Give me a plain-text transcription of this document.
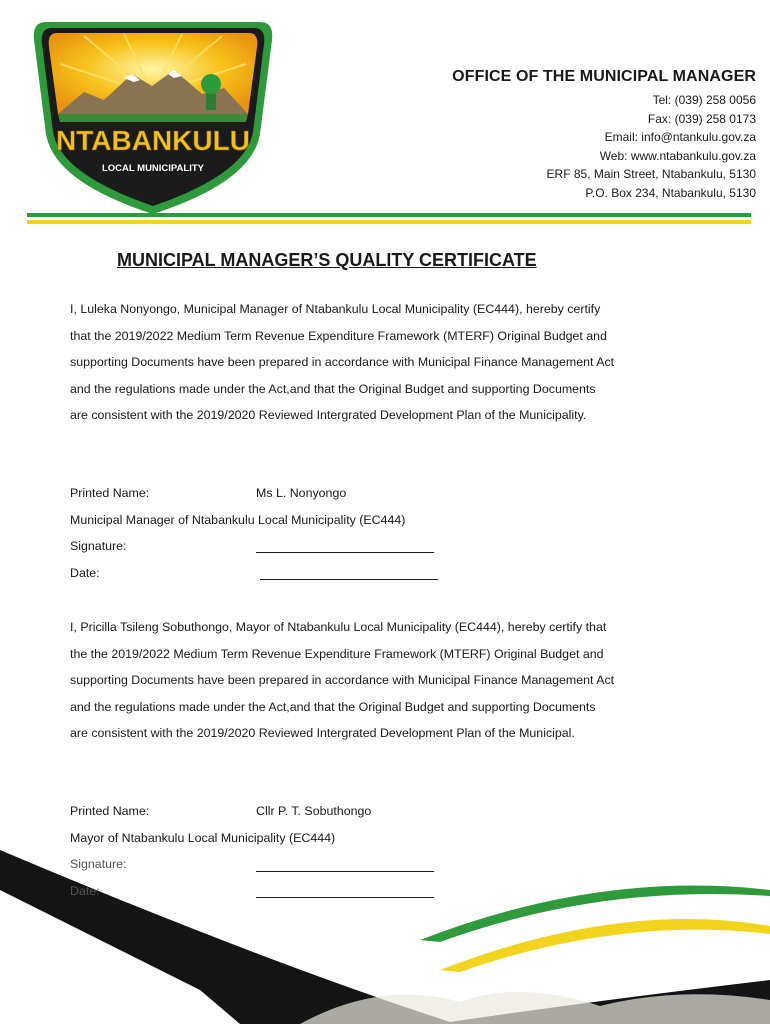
NTABANKULU
LOCAL MUNICIPALITY
OFFICE OF THE MUNICIPAL MANAGER
Tel: (039) 258 0056
Fax: (039) 258 0173
Email: info@ntankulu.gov.za
Web: www.ntabankulu.gov.za
ERF 85, Main Street, Ntabankulu, 5130
P.O. Box 234, Ntabankulu, 5130
MUNICIPAL MANAGER’S QUALITY CERTIFICATE
I, Luleka Nonyongo, Municipal Manager of Ntabankulu Local Municipality (EC444), hereby certify
that the 2019/2022 Medium Term Revenue Expenditure Framework (MTERF) Original Budget and
supporting Documents have been prepared in accordance with Municipal Finance Management Act
and the regulations made under the Act,and that the Original Budget and supporting Documents
are consistent with the 2019/2020 Reviewed Intergrated Development Plan of the Municipality.
Printed Name:	Ms L. Nonyongo
Municipal Manager of Ntabankulu Local Municipality (EC444)
Signature:
Date:
I, Pricilla Tsileng Sobuthongo, Mayor of Ntabankulu Local Municipality (EC444), hereby certify that
the the 2019/2022 Medium Term Revenue Expenditure Framework (MTERF) Original Budget and
supporting Documents have been prepared in accordance with Municipal Finance Management Act
and the regulations made under the Act,and that the Original Budget and supporting Documents
are consistent with the 2019/2020 Reviewed Intergrated Development Plan of the Municipal.
Printed Name:	Cllr P. T. Sobuthongo
Mayor of Ntabankulu Local Municipality (EC444)
Signature:
Date:
